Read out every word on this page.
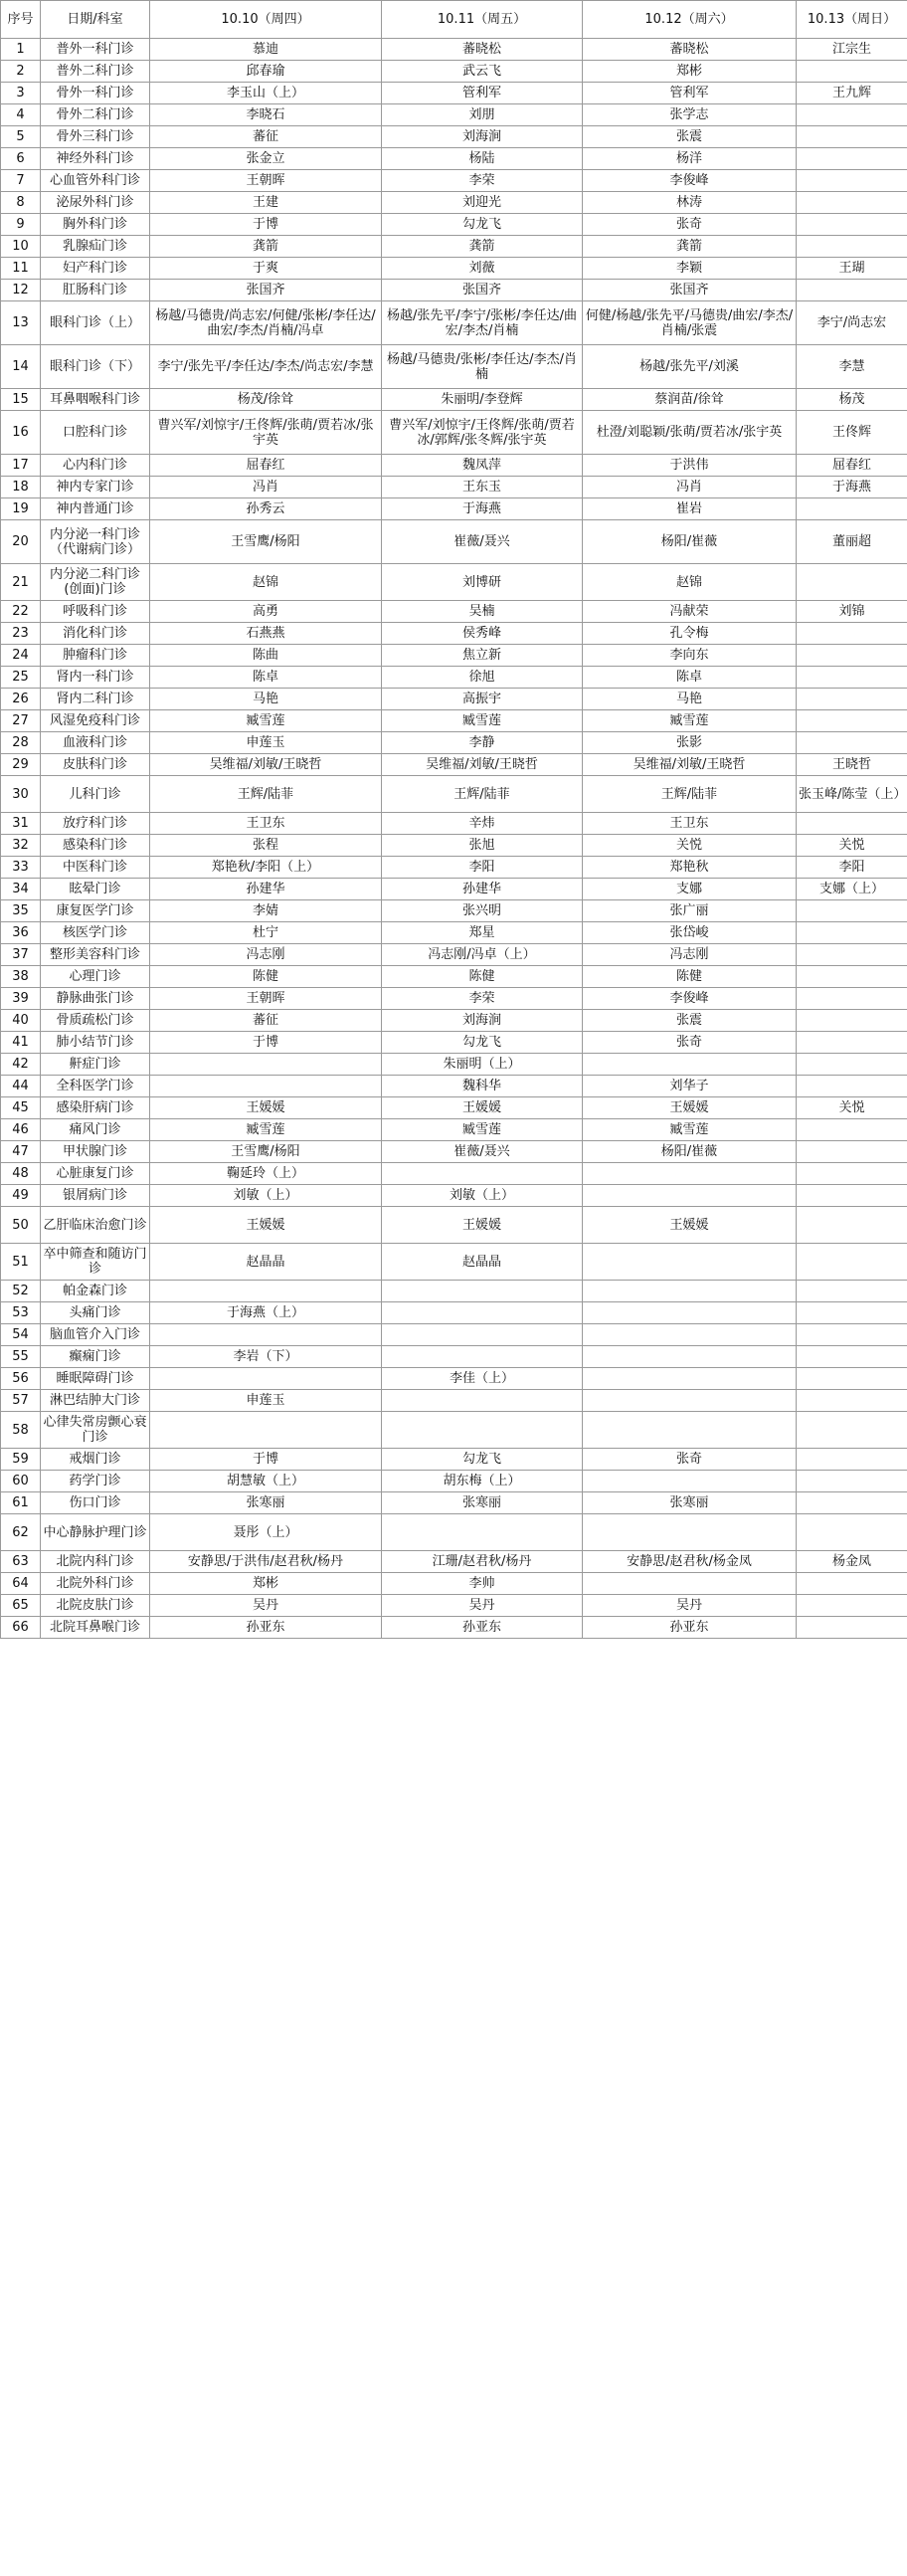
序号	日期/科室	10.10（周四）	10.11（周五）	10.12（周六）	10.13（周日）
1	普外一科门诊	慕迪	蕃晓松	蕃晓松	江宗生
2	普外二科门诊	邱春瑜	武云飞	郑彬	
3	骨外一科门诊	李玉山（上）	管利军	管利军	王九辉
4	骨外二科门诊	李晓石	刘朋	张学志	
5	骨外三科门诊	蕃征	刘海涧	张震	
6	神经外科门诊	张金立	杨陆	杨洋	
7	心血管外科门诊	王朝晖	李荣	李俊峰	
8	泌尿外科门诊	王建	刘迎光	林涛	
9	胸外科门诊	于博	勾龙飞	张奇	
10	乳腺疝门诊	龚箭	龚箭	龚箭	
11	妇产科门诊	于爽	刘薇	李颖	王瑚
12	肛肠科门诊	张国齐	张国齐	张国齐	
13	眼科门诊（上）	杨越/马德贵/尚志宏/何健/张彬/李任达/曲宏/李杰/肖楠/冯卓	杨越/张先平/李宁/张彬/李任达/曲宏/李杰/肖楠	何健/杨越/张先平/马德贵/曲宏/李杰/肖楠/张震	李宁/尚志宏
14	眼科门诊（下）	李宁/张先平/李任达/李杰/尚志宏/李慧	杨越/马德贵/张彬/李任达/李杰/肖楠	杨越/张先平/刘溪	李慧
15	耳鼻咽喉科门诊	杨茂/徐耸	朱丽明/李登辉	蔡润苗/徐耸	杨茂
16	口腔科门诊	曹兴军/刘惊宇/王佟辉/张萌/贾若冰/张宇英	曹兴军/刘惊宇/王佟辉/张萌/贾若冰/郭辉/张冬辉/张宇英	杜澄/刘聪颖/张萌/贾若冰/张宇英	王佟辉
17	心内科门诊	屈春红	魏凤萍	于洪伟	屈春红
18	神内专家门诊	冯肖	王东玉	冯肖	于海燕
19	神内普通门诊	孙秀云	于海燕	崔岩	
20	内分泌一科门诊（代谢病门诊）	王雪鹰/杨阳	崔薇/聂兴	杨阳/崔薇	董丽超
21	内分泌二科门诊(创面)门诊	赵锦	刘博研	赵锦	
22	呼吸科门诊	高勇	吴楠	冯献荣	刘锦
23	消化科门诊	石燕燕	侯秀峰	孔令梅	
24	肿瘤科门诊	陈曲	焦立新	李向东	
25	肾内一科门诊	陈卓	徐旭	陈卓	
26	肾内二科门诊	马艳	高振宇	马艳	
27	风湿免疫科门诊	臧雪莲	臧雪莲	臧雪莲	
28	血液科门诊	申莲玉	李静	张影	
29	皮肤科门诊	吴维福/刘敏/王晓哲	吴维福/刘敏/王晓哲	吴维福/刘敏/王晓哲	王晓哲
30	儿科门诊	王辉/陆菲	王辉/陆菲	王辉/陆菲	张玉峰/陈莹（上）
31	放疗科门诊	王卫东	辛炜	王卫东	
32	感染科门诊	张程	张旭	关悦	关悦
33	中医科门诊	郑艳秋/李阳（上）	李阳	郑艳秋	李阳
34	眩晕门诊	孙建华	孙建华	支娜	支娜（上）
35	康复医学门诊	李婧	张兴明	张广丽	
36	核医学门诊	杜宁	郑星	张岱峻	
37	整形美容科门诊	冯志刚	冯志刚/冯卓（上）	冯志刚	
38	心理门诊	陈健	陈健	陈健	
39	静脉曲张门诊	王朝晖	李荣	李俊峰	
40	骨质疏松门诊	蕃征	刘海涧	张震	
41	肺小结节门诊	于博	勾龙飞	张奇	
42	鼾症门诊		朱丽明（上）		
44	全科医学门诊		魏科华	刘华子	
45	感染肝病门诊	王媛媛	王媛媛	王媛媛	关悦
46	痛风门诊	臧雪莲	臧雪莲	臧雪莲	
47	甲状腺门诊	王雪鹰/杨阳	崔薇/聂兴	杨阳/崔薇	
48	心脏康复门诊	鞠延玲（上）			
49	银屑病门诊	刘敏（上）	刘敏（上）		
50	乙肝临床治愈门诊	王媛媛	王媛媛	王媛媛	
51	卒中筛查和随访门诊	赵晶晶	赵晶晶		
52	帕金森门诊				
53	头痛门诊	于海燕（上）			
54	脑血管介入门诊				
55	癫痫门诊	李岩（下）			
56	睡眠障碍门诊		李佳（上）		
57	淋巴结肿大门诊	申莲玉			
58	心律失常房颤心衰门诊				
59	戒烟门诊	于博	勾龙飞	张奇	
60	药学门诊	胡慧敏（上）	胡东梅（上）		
61	伤口门诊	张寒丽	张寒丽	张寒丽	
62	中心静脉护理门诊	聂彤（上）			
63	北院内科门诊	安静思/于洪伟/赵君秋/杨丹	江珊/赵君秋/杨丹	安静思/赵君秋/杨金凤	杨金凤
64	北院外科门诊	郑彬	李帅		
65	北院皮肤门诊	吴丹	吴丹	吴丹	
66	北院耳鼻喉门诊	孙亚东	孙亚东	孙亚东	
